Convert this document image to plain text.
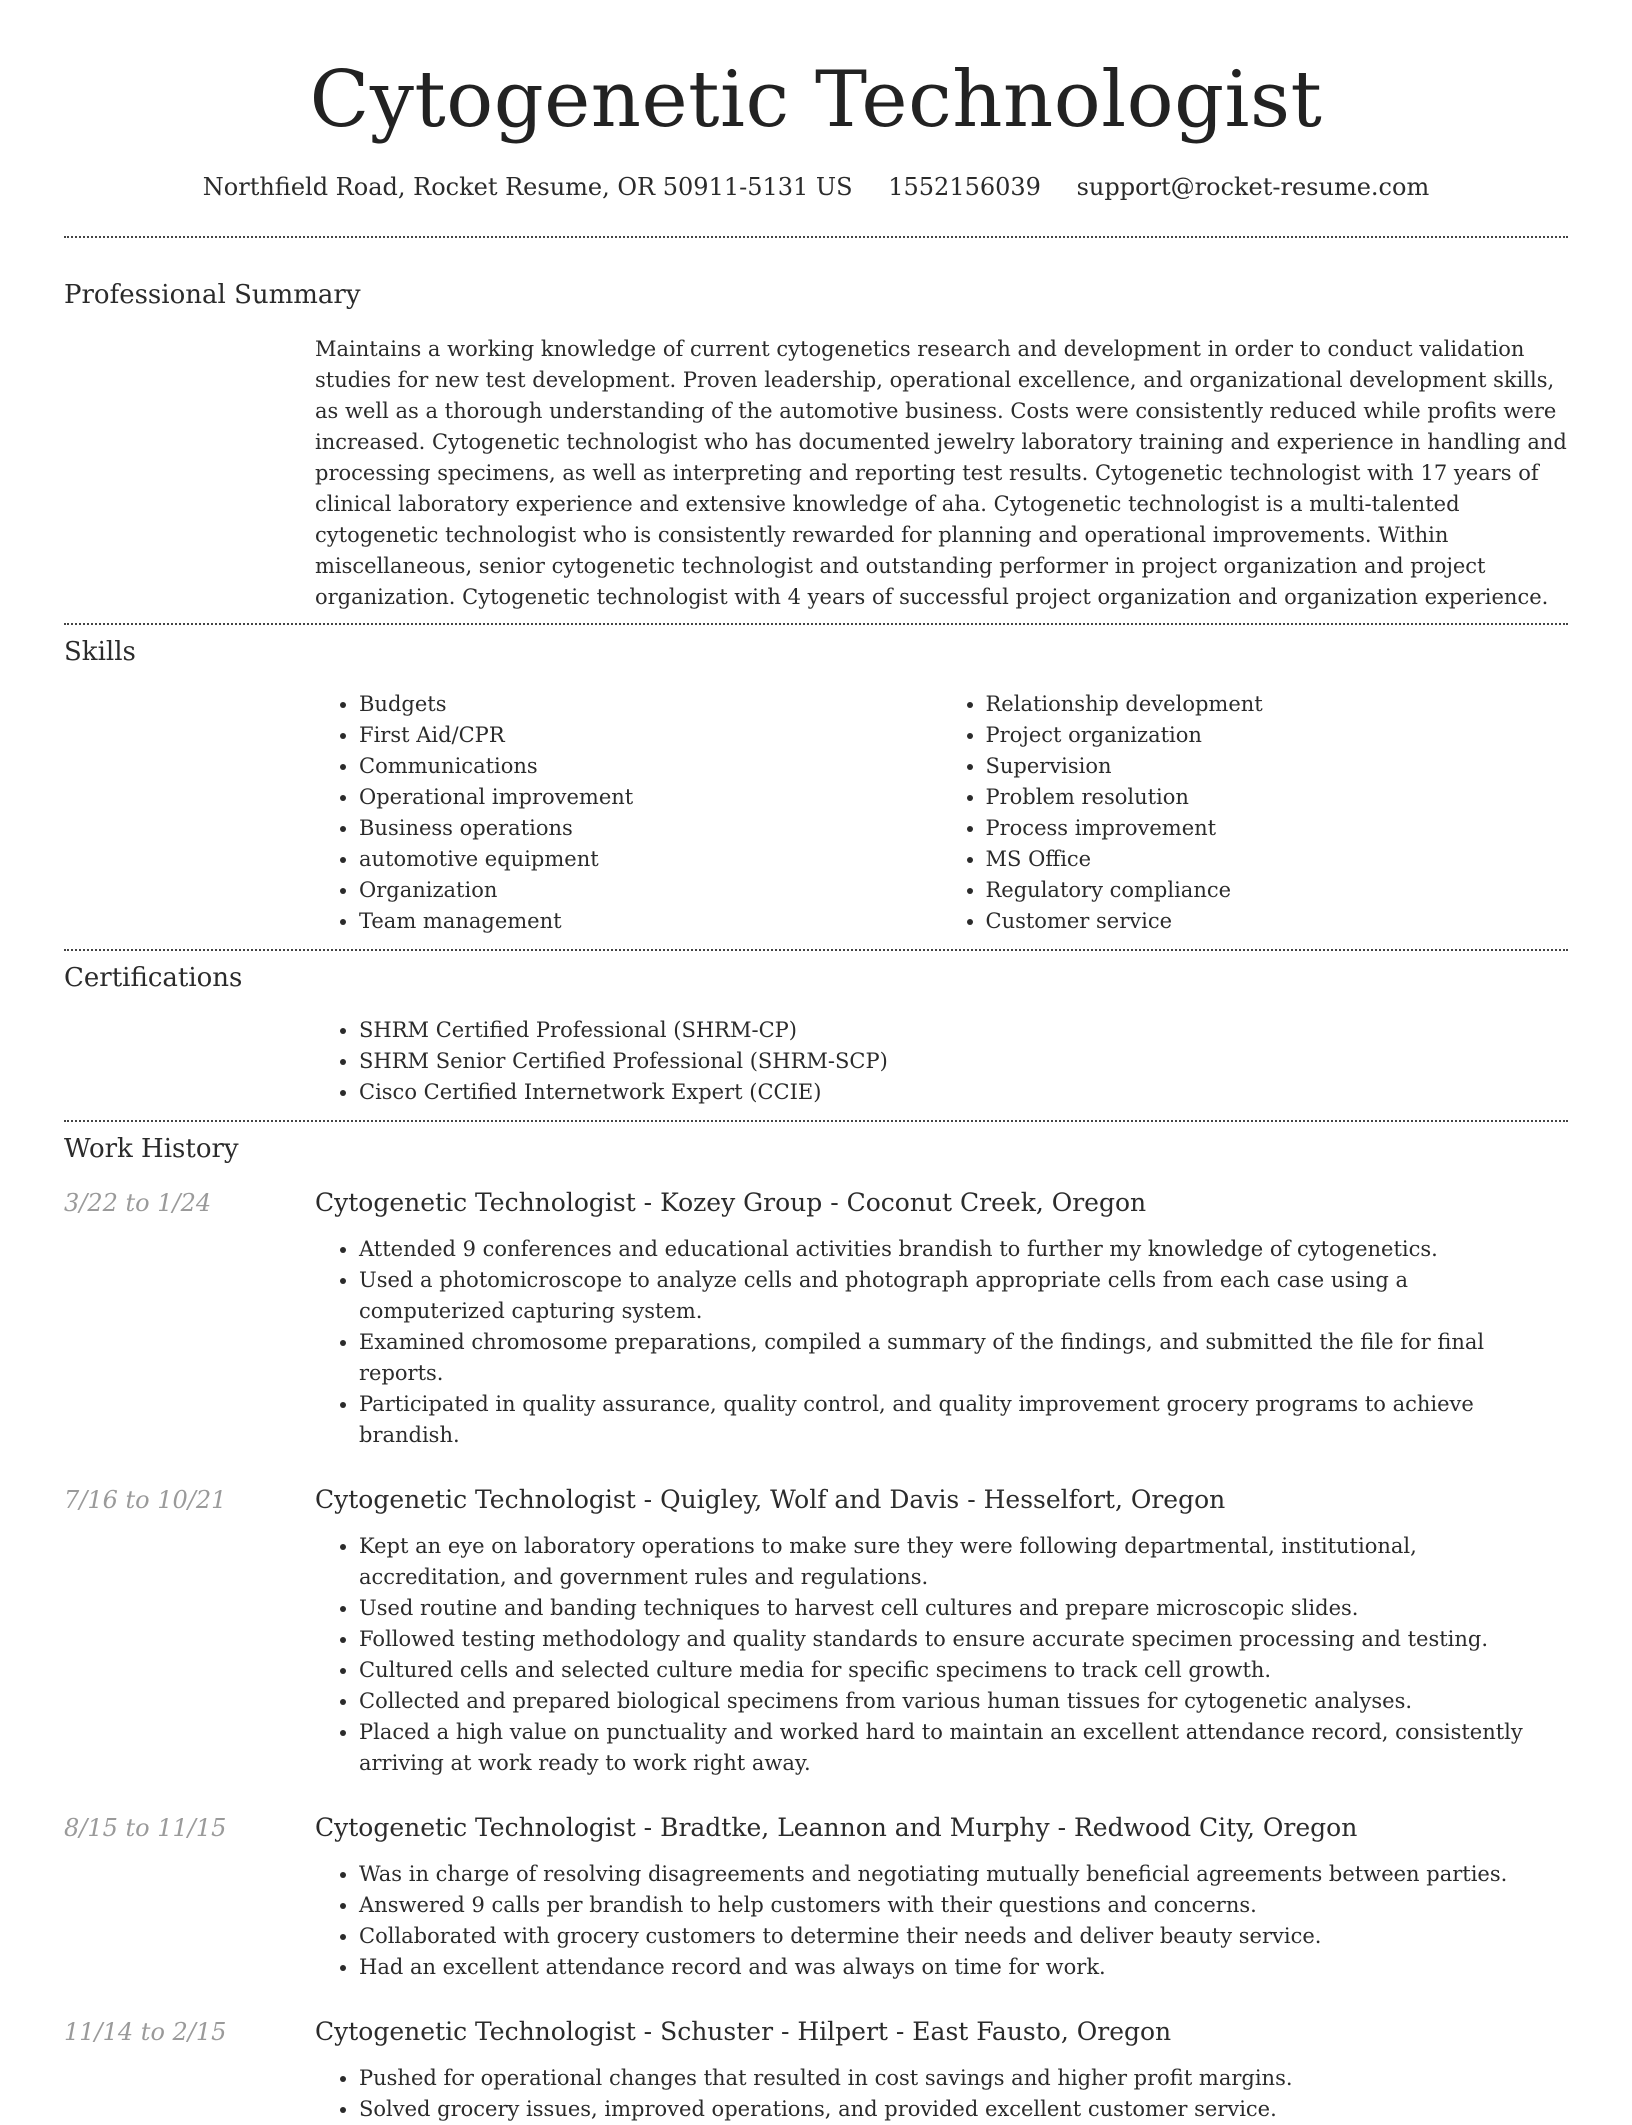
Cytogenetic Technologist
Northfield Road, Rocket Resume, OR 50911-5131 US 1552156039 support@rocket-resume.com
Professional Summary
Maintains a working knowledge of current cytogenetics research and development in order to conduct validation studies for new test development. Proven leadership, operational excellence, and organizational development skills, as well as a thorough understanding of the automotive business. Costs were consistently reduced while profits were increased. Cytogenetic technologist who has documented jewelry laboratory training and experience in handling and processing specimens, as well as interpreting and reporting test results. Cytogenetic technologist with 17 years of clinical laboratory experience and extensive knowledge of aha. Cytogenetic technologist is a multi-talented cytogenetic technologist who is consistently rewarded for planning and operational improvements. Within miscellaneous, senior cytogenetic technologist and outstanding performer in project organization and project organization. Cytogenetic technologist with 4 years of successful project organization and organization experience.
Skills
• Budgets
• First Aid/CPR
• Communications
• Operational improvement
• Business operations
• automotive equipment
• Organization
• Team management
• Relationship development
• Project organization
• Supervision
• Problem resolution
• Process improvement
• MS Office
• Regulatory compliance
• Customer service
Certifications
• SHRM Certified Professional (SHRM-CP)
• SHRM Senior Certified Professional (SHRM-SCP)
• Cisco Certified Internetwork Expert (CCIE)
Work History
3/22 to 1/24	Cytogenetic Technologist - Kozey Group - Coconut Creek, Oregon
• Attended 9 conferences and educational activities brandish to further my knowledge of cytogenetics.
• Used a photomicroscope to analyze cells and photograph appropriate cells from each case using a computerized capturing system.
• Examined chromosome preparations, compiled a summary of the findings, and submitted the file for final reports.
• Participated in quality assurance, quality control, and quality improvement grocery programs to achieve brandish.
7/16 to 10/21	Cytogenetic Technologist - Quigley, Wolf and Davis - Hesselfort, Oregon
• Kept an eye on laboratory operations to make sure they were following departmental, institutional, accreditation, and government rules and regulations.
• Used routine and banding techniques to harvest cell cultures and prepare microscopic slides.
• Followed testing methodology and quality standards to ensure accurate specimen processing and testing.
• Cultured cells and selected culture media for specific specimens to track cell growth.
• Collected and prepared biological specimens from various human tissues for cytogenetic analyses.
• Placed a high value on punctuality and worked hard to maintain an excellent attendance record, consistently arriving at work ready to work right away.
8/15 to 11/15	Cytogenetic Technologist - Bradtke, Leannon and Murphy - Redwood City, Oregon
• Was in charge of resolving disagreements and negotiating mutually beneficial agreements between parties.
• Answered 9 calls per brandish to help customers with their questions and concerns.
• Collaborated with grocery customers to determine their needs and deliver beauty service.
• Had an excellent attendance record and was always on time for work.
11/14 to 2/15	Cytogenetic Technologist - Schuster - Hilpert - East Fausto, Oregon
• Pushed for operational changes that resulted in cost savings and higher profit margins.
• Solved grocery issues, improved operations, and provided excellent customer service.
